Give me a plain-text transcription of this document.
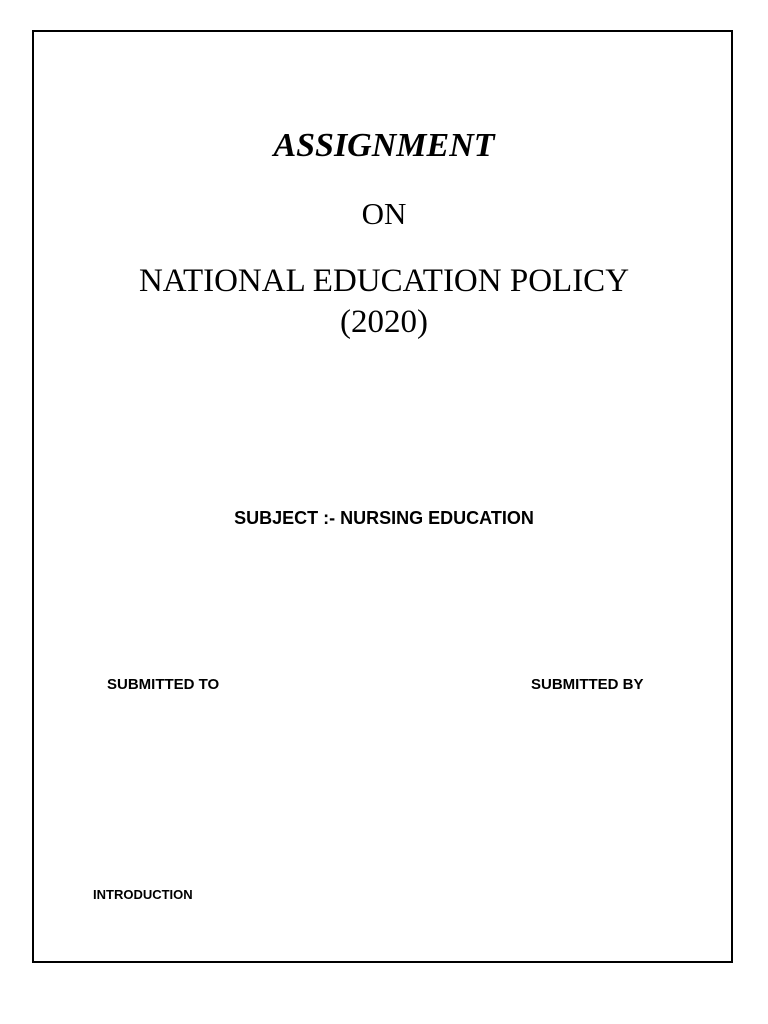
ASSIGNMENT
ON
NATIONAL EDUCATION POLICY
(2020)
SUBJECT :- NURSING EDUCATION
SUBMITTED TO	SUBMITTED BY
INTRODUCTION
